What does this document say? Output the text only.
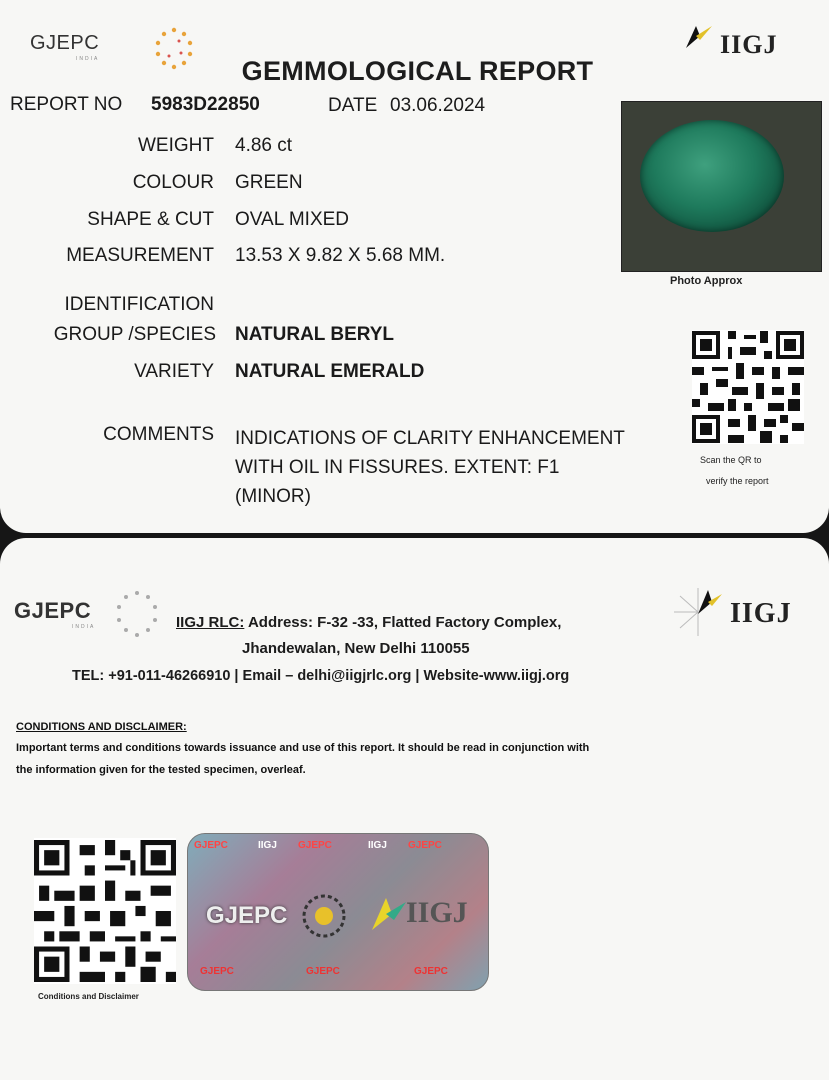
GJEPC
INDIA	IIGJ
GEMMOLOGICAL REPORT
REPORT NO 5983D22850	DATE 03.06.2024
WEIGHT 4.86 ct
COLOUR GREEN
SHAPE & CUT OVAL MIXED
MEASUREMENT 13.53 X 9.82 X 5.68 MM.
IDENTIFICATION
GROUP /SPECIES NATURAL BERYL
VARIETY NATURAL EMERALD
COMMENTS INDICATIONS OF CLARITY ENHANCEMENT
WITH OIL IN FISSURES. EXTENT: F1
(MINOR)
Photo Approx
Scan the QR to
verify the report
GJEPC
INDIA	IIGJ RLC: Address: F-32 -33, Flatted Factory Complex,
Jhandewalan, New Delhi 110055
TEL: +91-011-46266910 | Email – delhi@iigjrlc.org | Website-www.iigj.org
IIGJ
CONDITIONS AND DISCLAIMER:
Important terms and conditions towards issuance and use of this report. It should be read in conjunction with
the information given for the tested specimen, overleaf.
Conditions and Disclaimer
GJEPC	IIGJ GJEPC	IIGJ GJEPC
GJEPC	IIGJ
GJEPC	GJEPC	GJEPC
